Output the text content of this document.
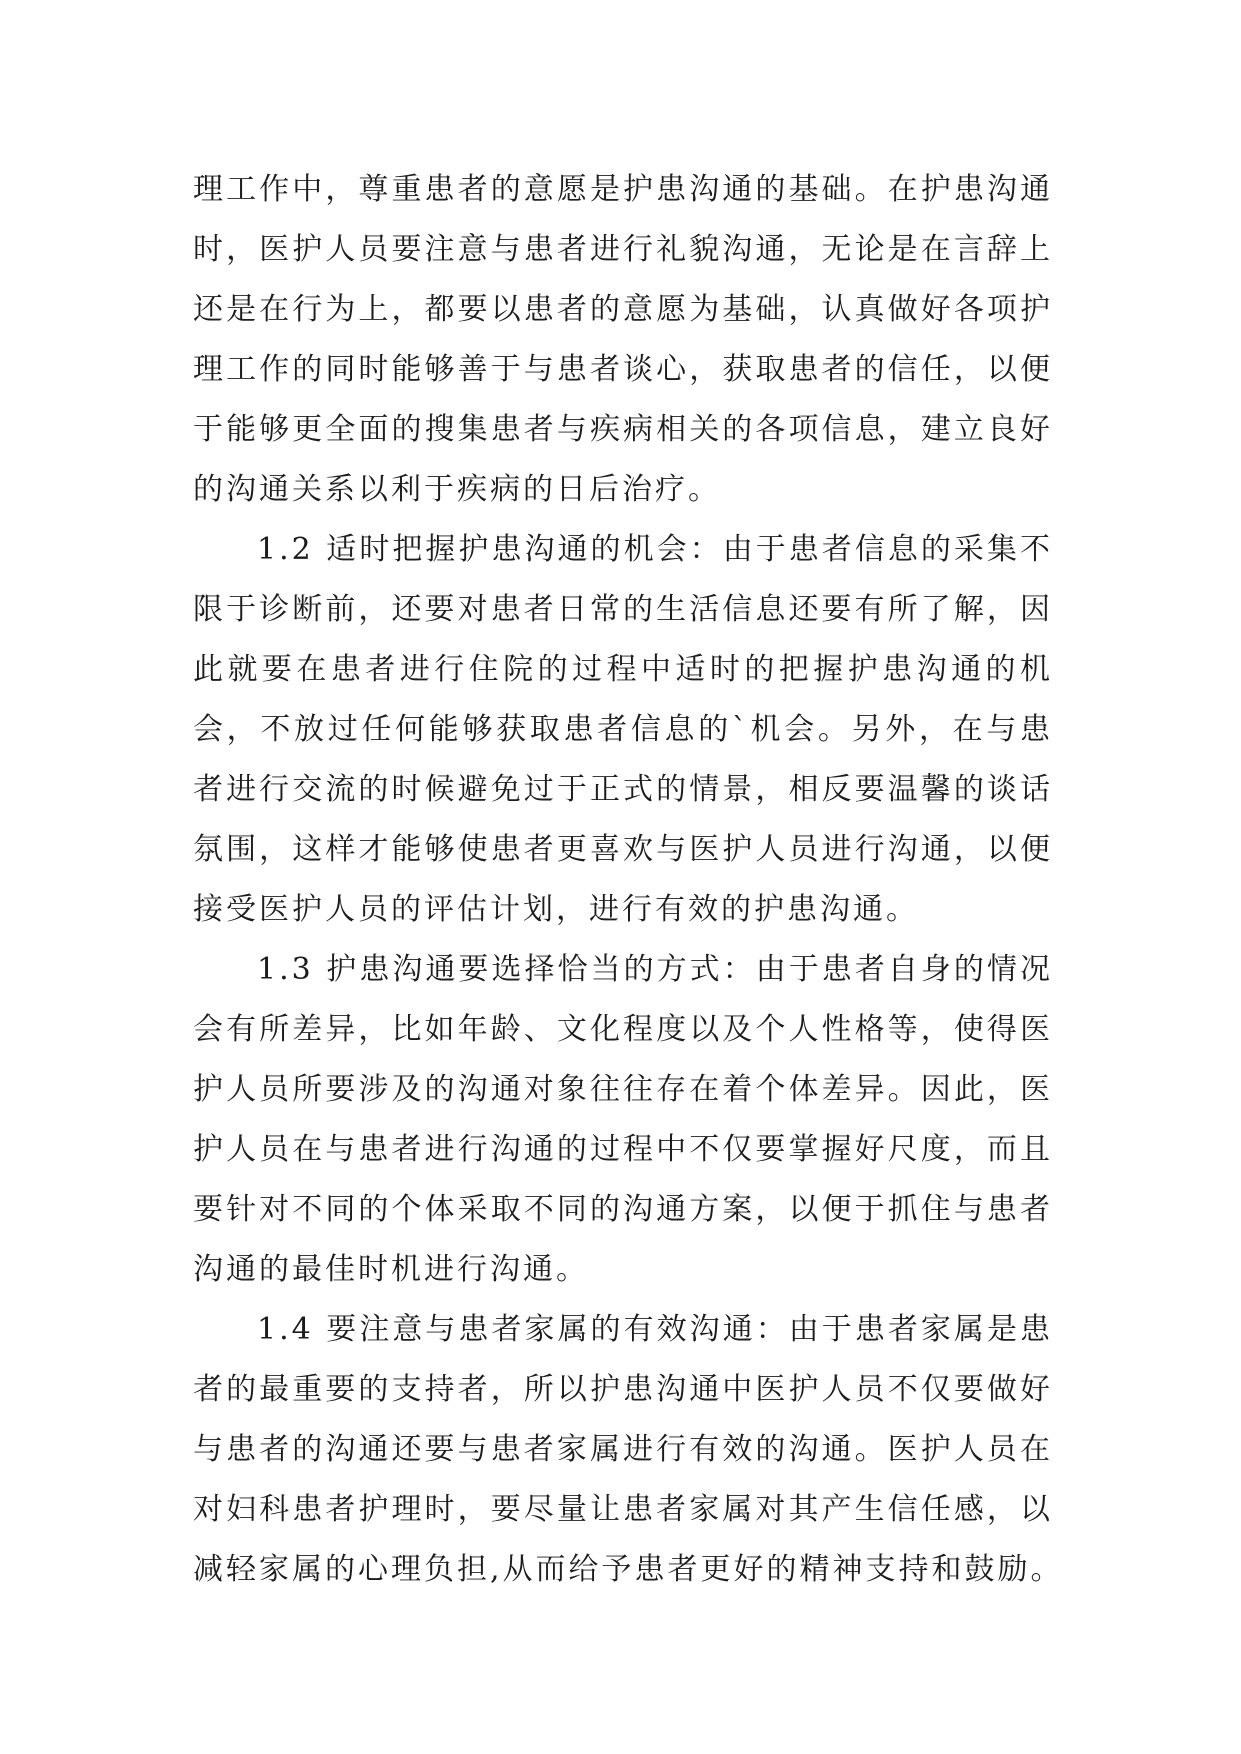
理工作中，尊重患者的意愿是护患沟通的基础。在护患沟通
时，医护人员要注意与患者进行礼貌沟通，无论是在言辞上
还是在行为上，都要以患者的意愿为基础，认真做好各项护
理工作的同时能够善于与患者谈心，获取患者的信任，以便
于能够更全面的搜集患者与疾病相关的各项信息，建立良好
的沟通关系以利于疾病的日后治疗。
1.2 适时把握护患沟通的机会：由于患者信息的采集不
限于诊断前，还要对患者日常的生活信息还要有所了解，因
此就要在患者进行住院的过程中适时的把握护患沟通的机
会，不放过任何能够获取患者信息的`机会。另外，在与患
者进行交流的时候避免过于正式的情景，相反要温馨的谈话
氛围，这样才能够使患者更喜欢与医护人员进行沟通，以便
接受医护人员的评估计划，进行有效的护患沟通。
1.3 护患沟通要选择恰当的方式：由于患者自身的情况
会有所差异，比如年龄、文化程度以及个人性格等，使得医
护人员所要涉及的沟通对象往往存在着个体差异。因此，医
护人员在与患者进行沟通的过程中不仅要掌握好尺度，而且
要针对不同的个体采取不同的沟通方案，以便于抓住与患者
沟通的最佳时机进行沟通。
1.4 要注意与患者家属的有效沟通：由于患者家属是患
者的最重要的支持者，所以护患沟通中医护人员不仅要做好
与患者的沟通还要与患者家属进行有效的沟通。医护人员在
对妇科患者护理时，要尽量让患者家属对其产生信任感，以
减轻家属的心理负担,从而给予患者更好的精神支持和鼓励。
